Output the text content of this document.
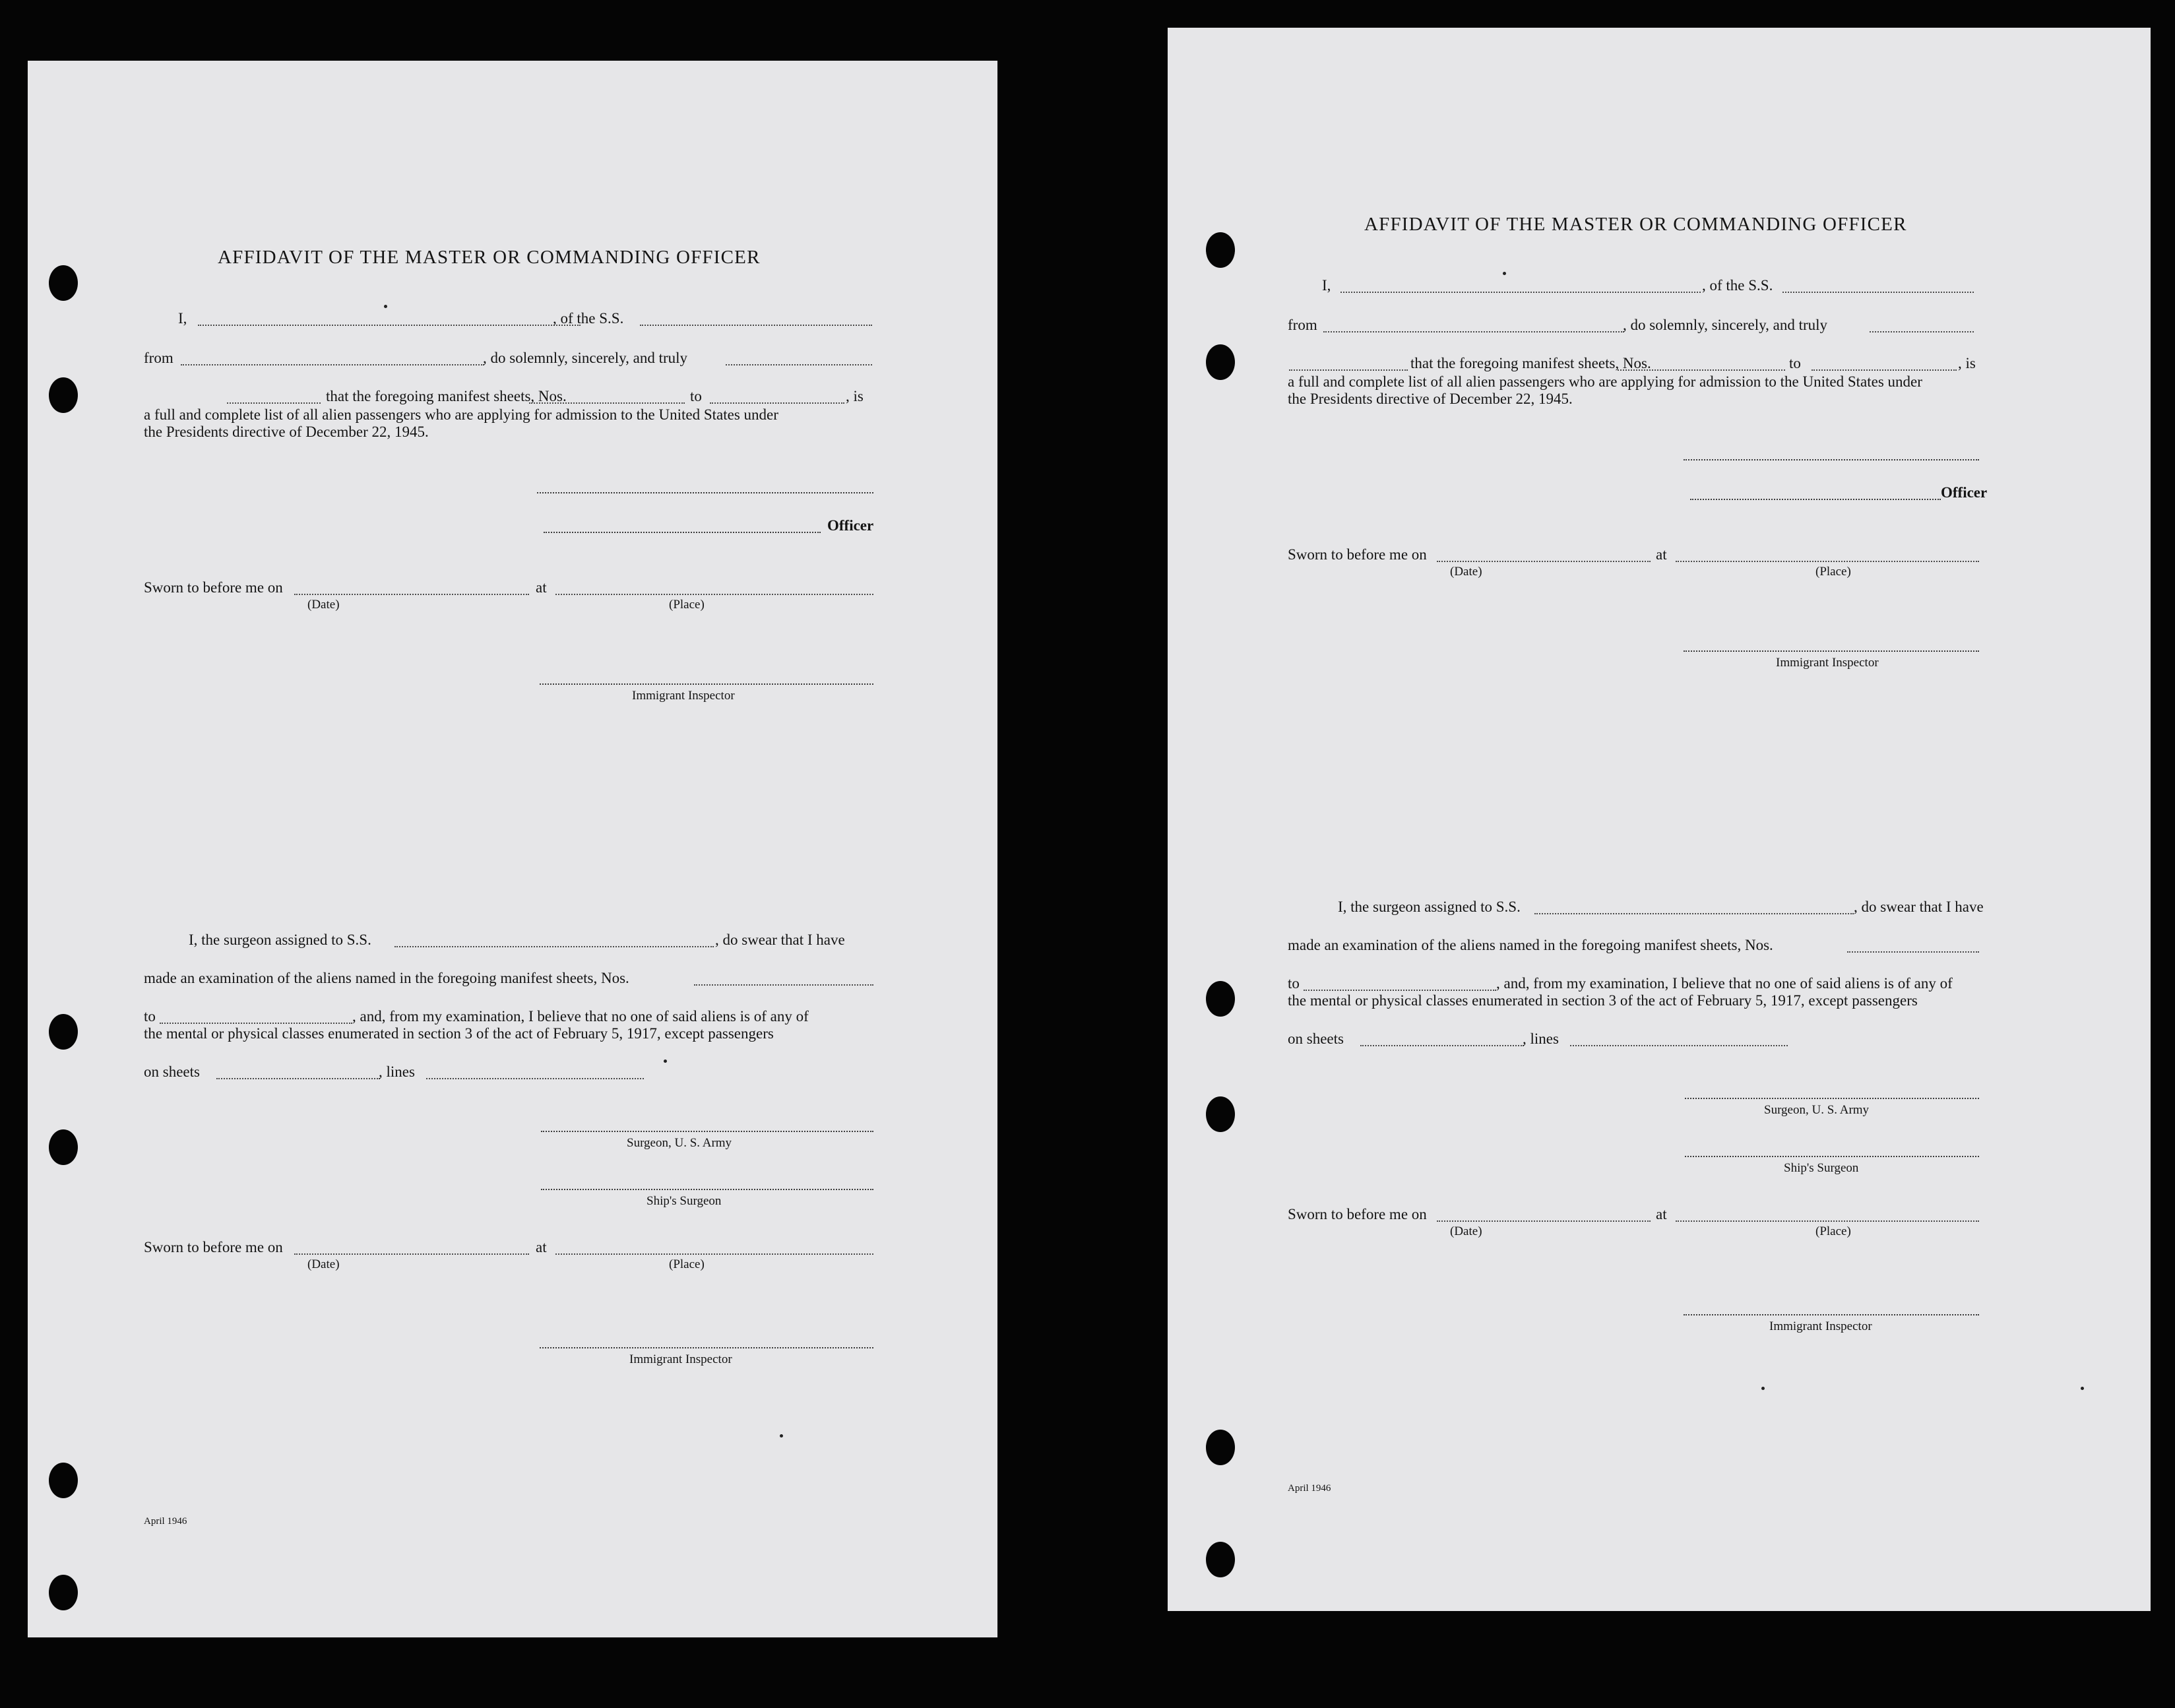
AFFIDAVIT OF THE MASTER OR COMMANDING OFFICER
I,	, of the S.S.
from	, do solemnly, sincerely, and truly
that the foregoing manifest sheets, Nos.	to	, is
a full and complete list of all alien passengers who are applying for admission to the United States under
the Presidents directive of December 22, 1945.
Officer
Sworn to before me on	at
(Date)	(Place)
Immigrant Inspector
I, the surgeon assigned to S.S.	, do swear that I have
made an examination of the aliens named in the foregoing manifest sheets, Nos.
to	, and, from my examination, I believe that no one of said aliens is of any of
the mental or physical classes enumerated in section 3 of the act of February 5, 1917, except passengers
on sheets	, lines
Surgeon, U. S. Army
Ship's Surgeon
Sworn to before me on	at
(Date)	(Place)
Immigrant Inspector
April 1946
AFFIDAVIT OF THE MASTER OR COMMANDING OFFICER
I,	, of the S.S.
from	, do solemnly, sincerely, and truly
that the foregoing manifest sheets, Nos.	to	, is
a full and complete list of all alien passengers who are applying for admission to the United States under
the Presidents directive of December 22, 1945.
Officer
Sworn to before me on	at
(Date)	(Place)
Immigrant Inspector
I, the surgeon assigned to S.S.	, do swear that I have
made an examination of the aliens named in the foregoing manifest sheets, Nos.
to	, and, from my examination, I believe that no one of said aliens is of any of
the mental or physical classes enumerated in section 3 of the act of February 5, 1917, except passengers
on sheets	, lines
Surgeon, U. S. Army
Ship's Surgeon
Sworn to before me on	at
(Date)	(Place)
Immigrant Inspector
April 1946
